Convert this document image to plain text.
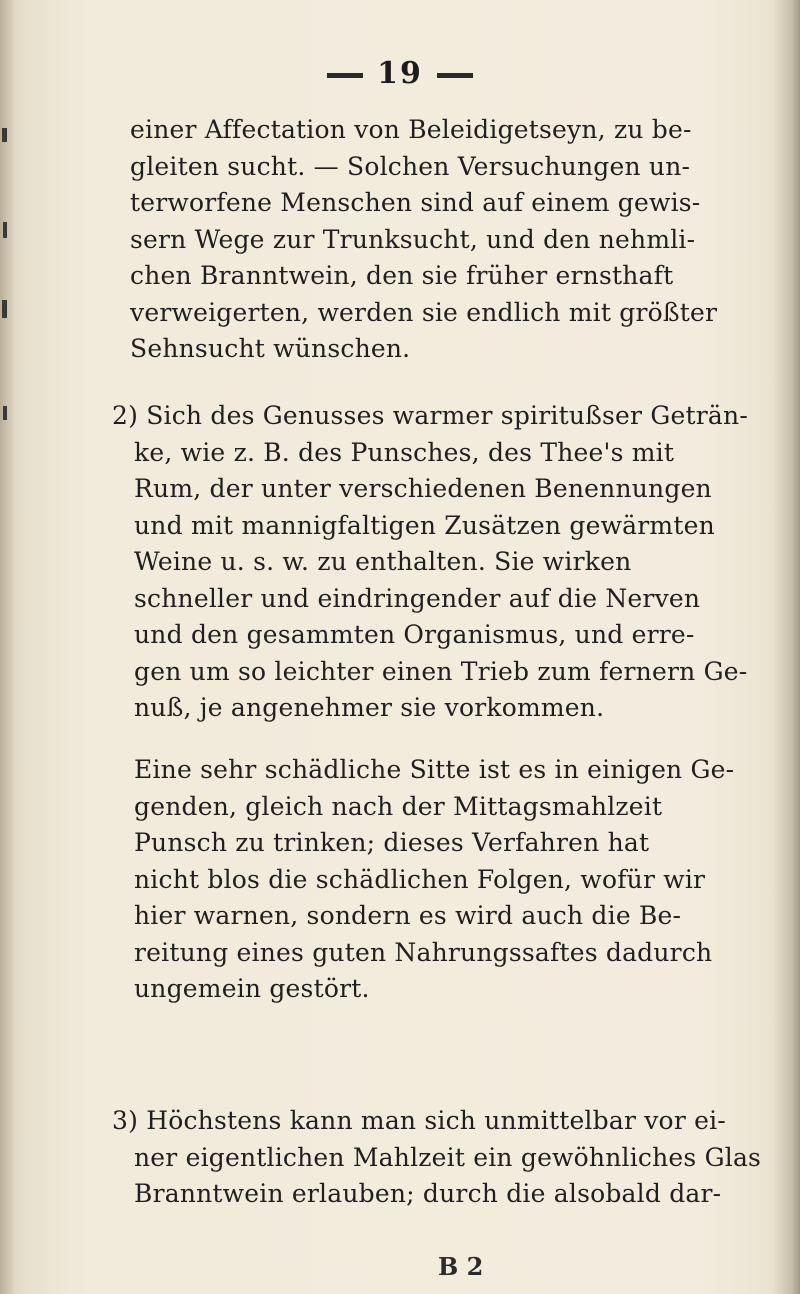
19
einer Affectation von Beleidigetseyn, zu be-
gleiten sucht. — Solchen Versuchungen un-
terworfene Menschen sind auf einem gewis-
sern Wege zur Trunksucht, und den nehmli-
chen Branntwein, den sie früher ernsthaft
verweigerten, werden sie endlich mit größter
Sehnsucht wünschen.
2) Sich des Genusses warmer spiritußser Geträn-
ke, wie z. B. des Punsches, des Thee's mit
Rum, der unter verschiedenen Benennungen
und mit mannigfaltigen Zusätzen gewärmten
Weine u. s. w. zu enthalten. Sie wirken
schneller und eindringender auf die Nerven
und den gesammten Organismus, und erre-
gen um so leichter einen Trieb zum fernern Ge-
nuß, je angenehmer sie vorkommen.
Eine sehr schädliche Sitte ist es in einigen Ge-
genden, gleich nach der Mittagsmahlzeit
Punsch zu trinken; dieses Verfahren hat
nicht blos die schädlichen Folgen, wofür wir
hier warnen, sondern es wird auch die Be-
reitung eines guten Nahrungssaftes dadurch
ungemein gestört.
3) Höchstens kann man sich unmittelbar vor ei-
ner eigentlichen Mahlzeit ein gewöhnliches Glas
Branntwein erlauben; durch die alsobald dar-
B 2
